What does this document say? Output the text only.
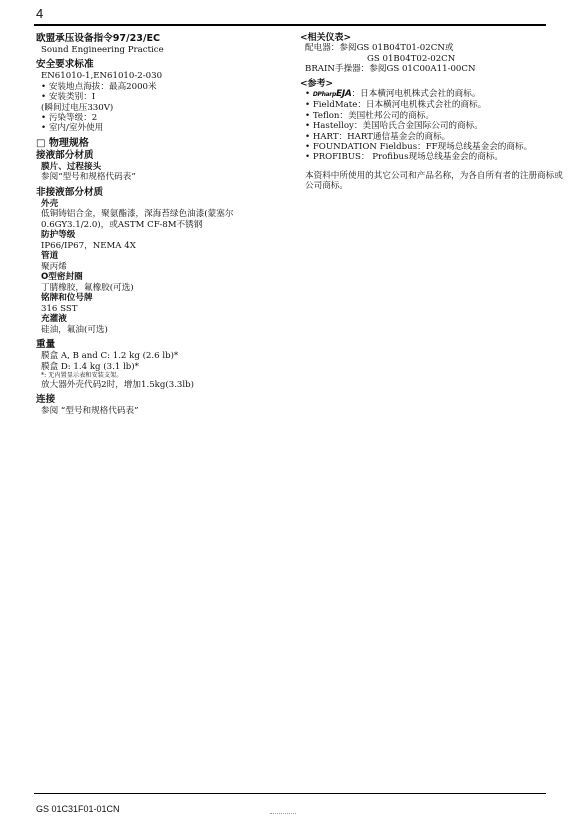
4
欧盟承压设备指令97/23/EC
Sound Engineering Practice
安全要求标准
EN61010-1,EN61010-2-030
• 安装地点海拔：最高2000米
• 安装类别：I
(瞬间过电压330V)
• 污染等级：2
• 室内/室外使用
□ 物理规格
接液部分材质
膜片、过程接头
参阅“型号和规格代码表”
非接液部分材质
外壳
低铜铸铝合金，聚氨酯漆，深海苔绿色油漆(蒙塞尔0.6GY3.1/2.0)，或ASTM CF-8M不锈钢
防护等级
IP66/IP67，NEMA 4X
管道
聚丙烯
O型密封圈
丁腈橡胶，氟橡胶(可选)
铭牌和位号牌
316 SST
充灌液
硅油，氟油(可选)
重量
膜盒 A, B and C: 1.2 kg (2.6 lb)*
膜盒 D: 1.4 kg (3.1 lb)*
*: 无内置显示表和安装支架。
放大器外壳代码2时，增加1.5kg(3.3lb)
连接
参阅 “型号和规格代码表”
<相关仪表>
配电器：参阅GS 01B04T01-02CN或
GS 01B04T02-02CN
BRAIN手操器：参阅GS 01C00A11-00CN
<参考>
• DPharpEJA：日本横河电机株式会社的商标。
• FieldMate：日本横河电机株式会社的商标。
• Teflon：美国杜邦公司的商标。
• Hastelloy：美国哈氏合金国际公司的商标。
• HART：HART通信基金会的商标。
• FOUNDATION Fieldbus：FF现场总线基金会的商标。
• PROFIBUS： Profibus现场总线基金会的商标。
本资料中所使用的其它公司和产品名称，为各自所有者的注册商标或公司商标。
GS 01C31F01-01CN
